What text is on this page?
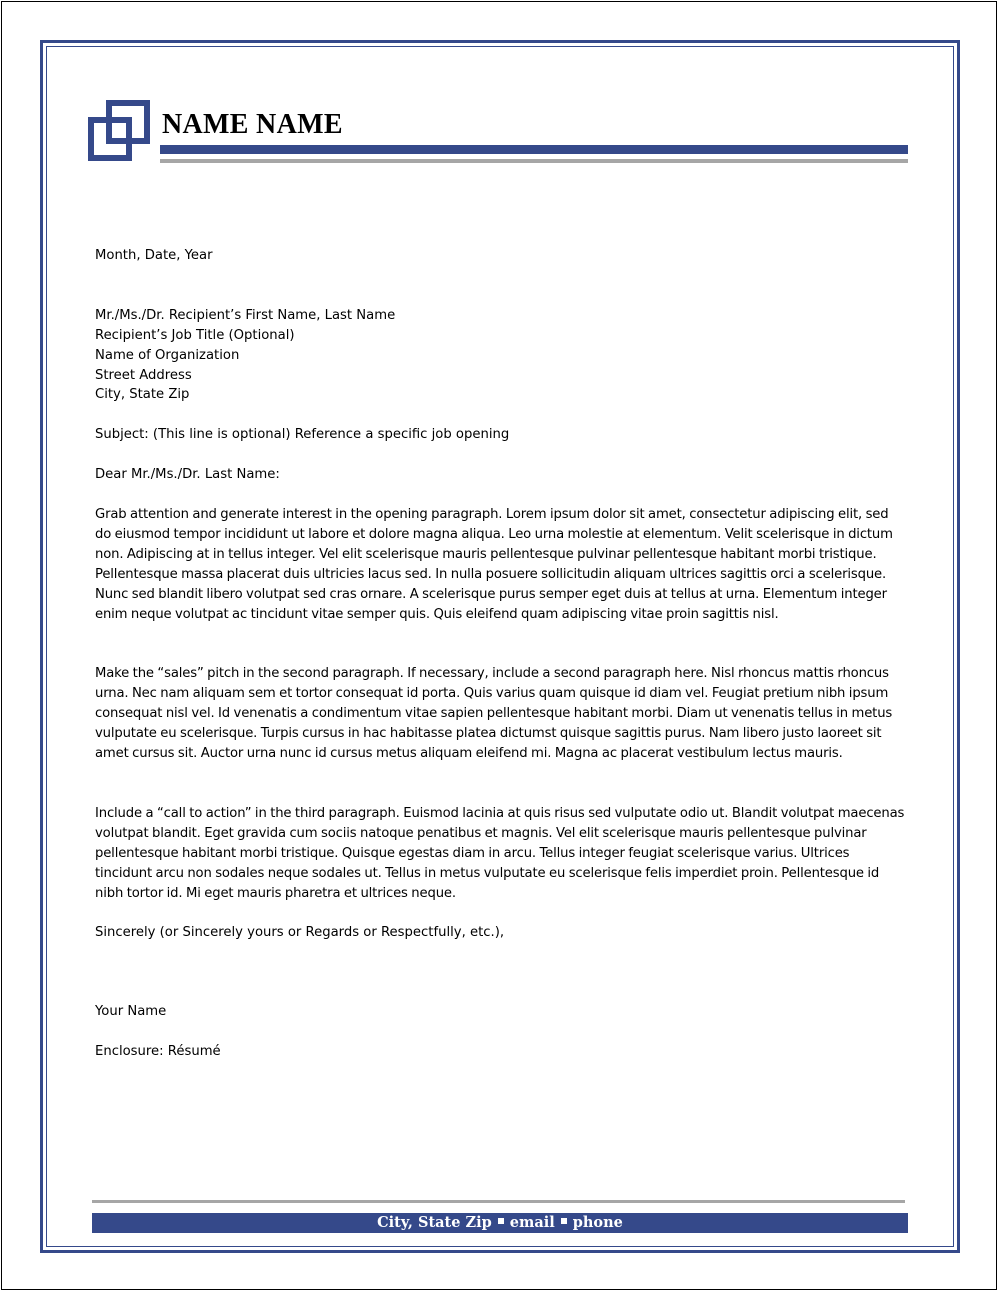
NAME NAME
Month, Date, Year
Mr./Ms./Dr. Recipient’s First Name, Last Name
Recipient’s Job Title (Optional)
Name of Organization
Street Address
City, State Zip
Subject: (This line is optional) Reference a specific job opening
Dear Mr./Ms./Dr. Last Name:

Grab attention and generate interest in the opening paragraph. Lorem ipsum dolor sit amet, consectetur adipiscing elit, sed do eiusmod tempor incididunt ut labore et dolore magna aliqua. Leo urna molestie at elementum. Velit scelerisque in dictum non. Adipiscing at in tellus integer. Vel elit scelerisque mauris pellentesque pulvinar pellentesque habitant morbi tristique. Pellentesque massa placerat duis ultricies lacus sed. In nulla posuere sollicitudin aliquam ultrices sagittis orci a scelerisque. Nunc sed blandit libero volutpat sed cras ornare. A scelerisque purus semper eget duis at tellus at urna. Elementum integer enim neque volutpat ac tincidunt vitae semper quis. Quis eleifend quam adipiscing vitae proin sagittis nisl.

Make the “sales” pitch in the second paragraph. If necessary, include a second paragraph here. Nisl rhoncus mattis rhoncus urna. Nec nam aliquam sem et tortor consequat id porta. Quis varius quam quisque id diam vel. Feugiat pretium nibh ipsum consequat nisl vel. Id venenatis a condimentum vitae sapien pellentesque habitant morbi. Diam ut venenatis tellus in metus vulputate eu scelerisque. Turpis cursus in hac habitasse platea dictumst quisque sagittis purus. Nam libero justo laoreet sit amet cursus sit. Auctor urna nunc id cursus metus aliquam eleifend mi. Magna ac placerat vestibulum lectus mauris.

Include a “call to action” in the third paragraph. Euismod lacinia at quis risus sed vulputate odio ut. Blandit volutpat maecenas volutpat blandit. Eget gravida cum sociis natoque penatibus et magnis. Vel elit scelerisque mauris pellentesque pulvinar pellentesque habitant morbi tristique. Quisque egestas diam in arcu. Tellus integer feugiat scelerisque varius. Ultrices tincidunt arcu non sodales neque sodales ut. Tellus in metus vulputate eu scelerisque felis imperdiet proin. Pellentesque id nibh tortor id. Mi eget mauris pharetra et ultrices neque.

Sincerely (or Sincerely yours or Regards or Respectfully, etc.),
Your Name
Enclosure: Résumé
City, State Zip email phone
